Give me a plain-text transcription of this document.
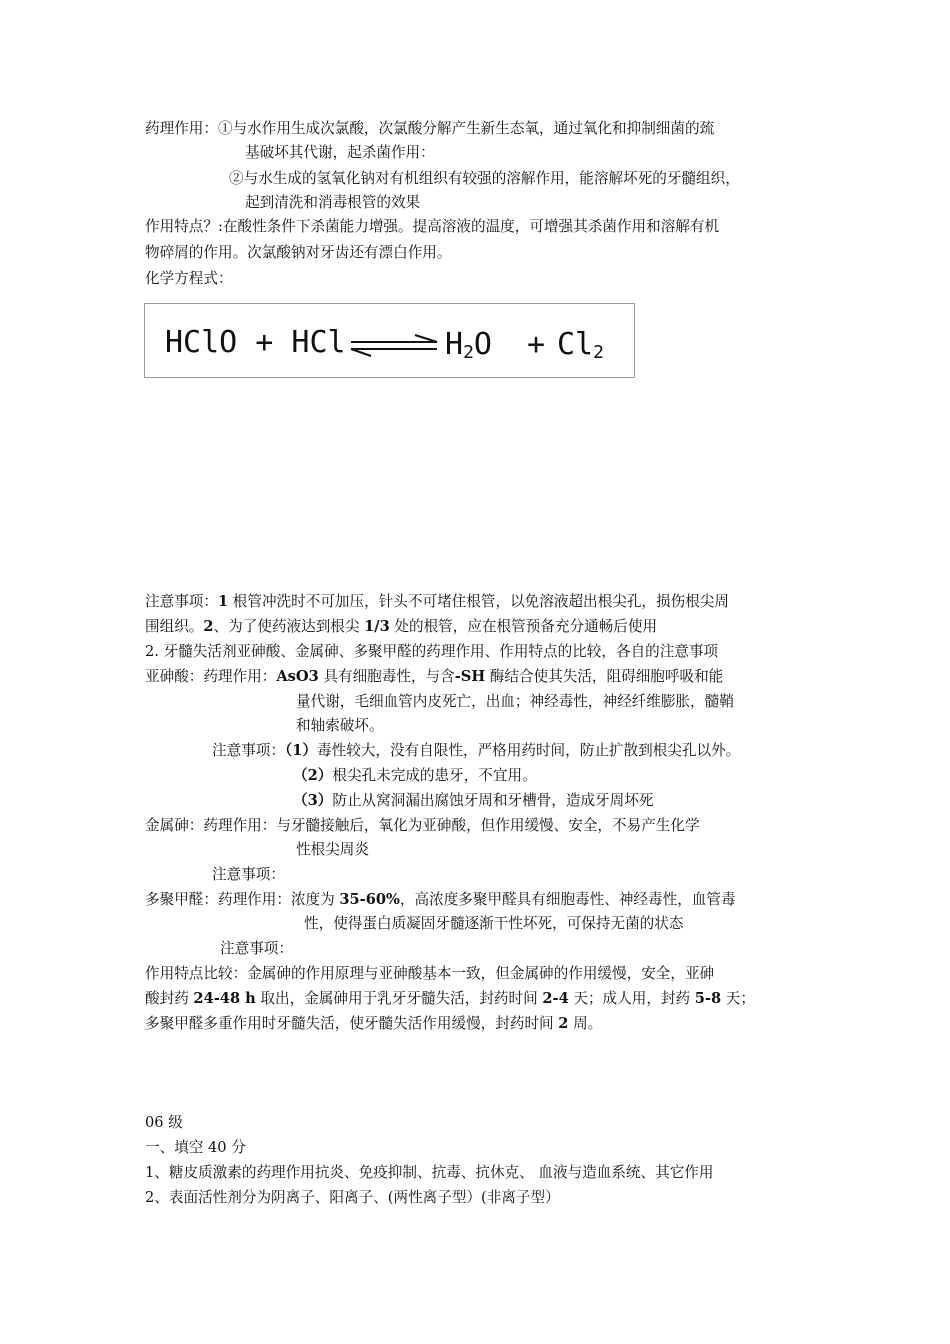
药理作用：①与水作用生成次氯酸，次氯酸分解产生新生态氧，通过氧化和抑制细菌的巯
基破坏其代谢，起杀菌作用：
②与水生成的氢氧化钠对有机组织有较强的溶解作用，能溶解坏死的牙髓组织，
起到清洗和消毒根管的效果
作用特点？:在酸性条件下杀菌能力增强。提高溶液的温度，可增强其杀菌作用和溶解有机
物碎屑的作用。次氯酸钠对牙齿还有漂白作用。
化学方程式：
HClO + HCl	H2O + Cl2
注意事项：1 根管冲洗时不可加压，针头不可堵住根管，以免溶液超出根尖孔，损伤根尖周
围组织。2、为了使药液达到根尖 1/3 处的根管，应在根管预备充分通畅后使用
2. 牙髓失活剂亚砷酸、金属砷、多聚甲醛的药理作用、作用特点的比较，各自的注意事项
亚砷酸：药理作用：AsO3 具有细胞毒性，与含-SH 酶结合使其失活，阻碍细胞呼吸和能
量代谢，毛细血管内皮死亡，出血；神经毒性，神经纤维膨胀，髓鞘
和轴索破坏。
注意事项：（1）毒性较大，没有自限性，严格用药时间，防止扩散到根尖孔以外。
（2）根尖孔未完成的患牙，不宜用。
（3）防止从窝洞漏出腐蚀牙周和牙槽骨，造成牙周坏死
金属砷：药理作用：与牙髓接触后，氧化为亚砷酸，但作用缓慢、安全，不易产生化学
性根尖周炎
注意事项：
多聚甲醛：药理作用：浓度为 35-60%，高浓度多聚甲醛具有细胞毒性、神经毒性，血管毒
性，使得蛋白质凝固牙髓逐渐干性坏死，可保持无菌的状态
注意事项：
作用特点比较：金属砷的作用原理与亚砷酸基本一致，但金属砷的作用缓慢，安全，亚砷
酸封药 24-48 h 取出，金属砷用于乳牙牙髓失活，封药时间 2-4 天；成人用，封药 5-8 天；
多聚甲醛多重作用时牙髓失活，使牙髓失活作用缓慢，封药时间 2 周。
06 级
一、填空 40 分
1、糖皮质激素的药理作用抗炎、免疫抑制、抗毒、抗休克、 血液与造血系统、其它作用
2、表面活性剂分为阴离子、阳离子、(两性离子型）(非离子型）
